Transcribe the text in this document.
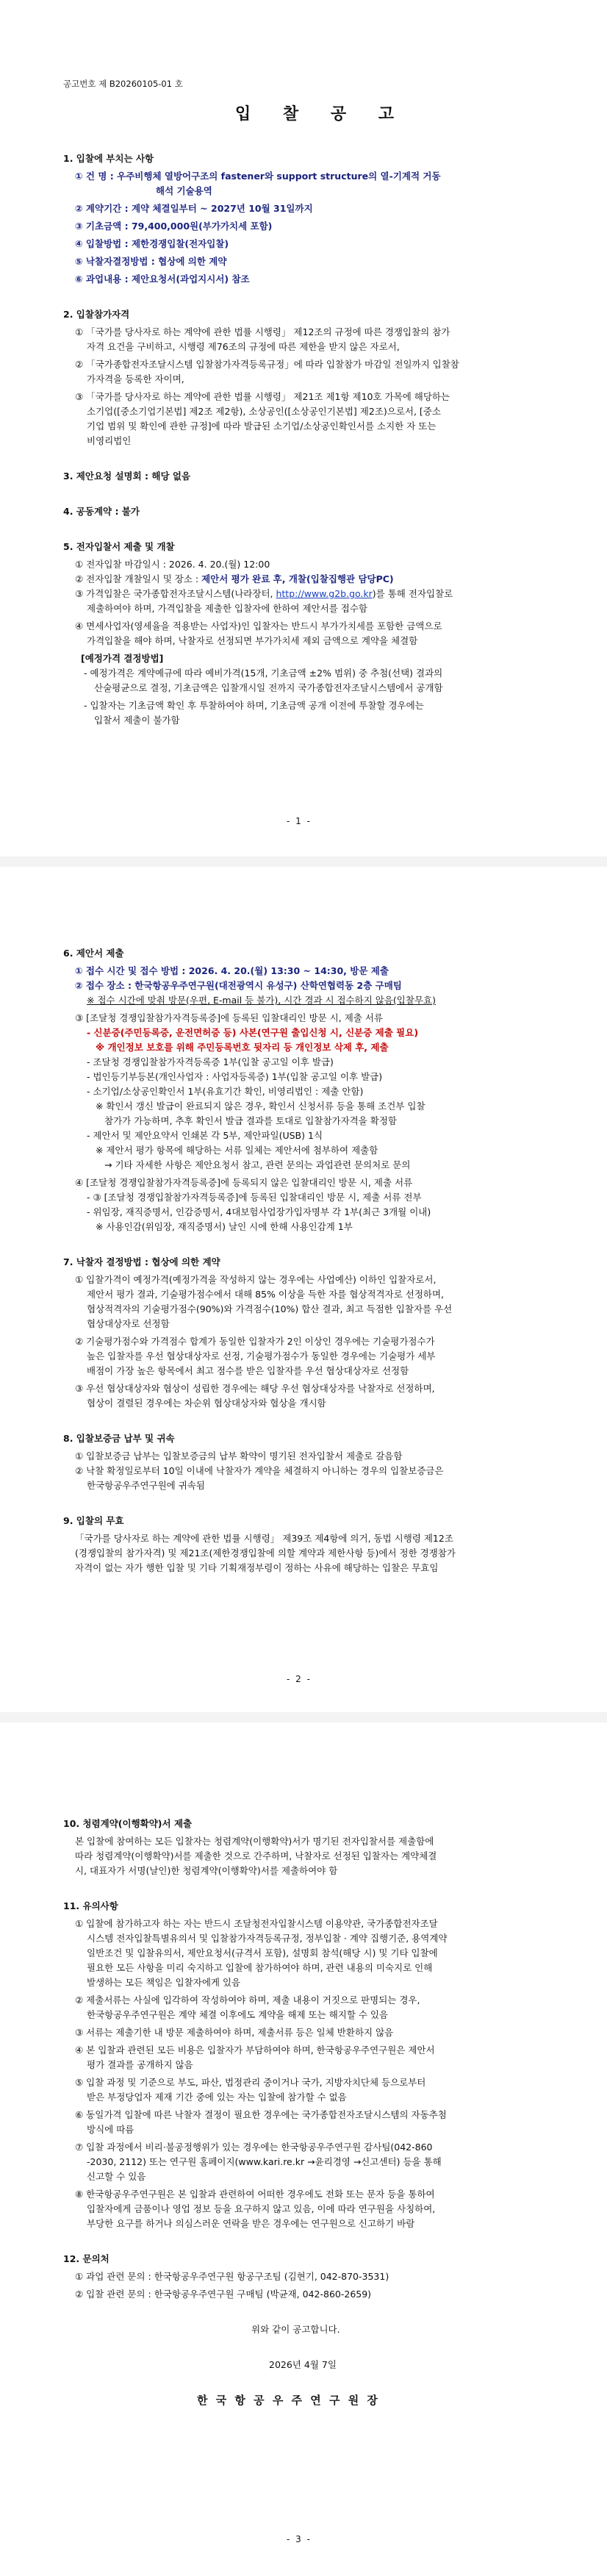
공고번호 제 B20260105-01 호
입 찰 공 고
1. 입찰에 부치는 사항
① 건 명 : 우주비행체 열방어구조의 fastener와 support structure의 열-기계적 거동
해석 기술용역
② 계약기간 : 계약 체결일부터 ~ 2027년 10월 31일까지
③ 기초금액 : 79,400,000원(부가가치세 포함)
④ 입찰방법 : 제한경쟁입찰(전자입찰)
⑤ 낙찰자결정방법 : 협상에 의한 계약
⑥ 과업내용 : 제안요청서(과업지시서) 참조
2. 입찰참가자격
① 「국가를 당사자로 하는 계약에 관한 법률 시행령」 제12조의 규정에 따른 경쟁입찰의 참가
자격 요건을 구비하고, 시행령 제76조의 규정에 따른 제한을 받지 않은 자로서,
② 「국가종합전자조달시스템 입찰참가자격등록규정」에 따라 입찰참가 마감일 전일까지 입찰참
가자격을 등록한 자이며,
③ 「국가를 당사자로 하는 계약에 관한 법률 시행령」 제21조 제1항 제10호 가목에 해당하는
소기업([중소기업기본법] 제2조 제2항), 소상공인([소상공인기본법] 제2조)으로서, [중소
기업 범위 및 확인에 관한 규정]에 따라 발급된 소기업/소상공인확인서를 소지한 자 또는
비영리법인
3. 제안요청 설명회 : 해당 없음
4. 공동계약 : 불가
5. 전자입찰서 제출 및 개찰
① 전자입찰 마감일시 : 2026. 4. 20.(월) 12:00
② 전자입찰 개찰일시 및 장소 : 제안서 평가 완료 후, 개찰(입찰집행관 담당PC)
③ 가격입찰은 국가종합전자조달시스템(나라장터, http://www.g2b.go.kr)를 통해 전자입찰로
제출하여야 하며, 가격입찰을 제출한 입찰자에 한하여 제안서를 접수함
④ 면세사업자(영세율을 적용받는 사업자)인 입찰자는 반드시 부가가치세를 포함한 금액으로
가격입찰을 해야 하며, 낙찰자로 선정되면 부가가치세 제외 금액으로 계약을 체결함
[예정가격 결정방법]
- 예정가격은 계약예규에 따라 예비가격(15개, 기초금액 ±2% 범위) 중 추첨(선택) 결과의
산술평균으로 결정, 기초금액은 입찰개시일 전까지 국가종합전자조달시스템에서 공개함
- 입찰자는 기초금액 확인 후 투찰하여야 하며, 기초금액 공개 이전에 투찰할 경우에는
입찰서 제출이 불가함
- 1 -
6. 제안서 제출
① 접수 시간 및 접수 방법 : 2026. 4. 20.(월) 13:30 ~ 14:30, 방문 제출
② 접수 장소 : 한국항공우주연구원(대전광역시 유성구) 산학연협력동 2층 구매팀
※ 접수 시간에 맞춰 방문(우편, E-mail 등 불가), 시간 경과 시 접수하지 않음(입찰무효)
③ [조달청 경쟁입찰참가자격등록증]에 등록된 입찰대리인 방문 시, 제출 서류
- 신분증(주민등록증, 운전면허증 등) 사본(연구원 출입신청 시, 신분증 제출 필요)
※ 개인정보 보호를 위해 주민등록번호 뒷자리 등 개인정보 삭제 후, 제출
- 조달청 경쟁입찰참가자격등록증 1부(입찰 공고일 이후 발급)
- 법인등기부등본(개인사업자 : 사업자등록증) 1부(입찰 공고일 이후 발급)
- 소기업/소상공인확인서 1부(유효기간 확인, 비영리법인 : 제출 안함)
※ 확인서 갱신 발급이 완료되지 않은 경우, 확인서 신청서류 등을 통해 조건부 입찰
참가가 가능하며, 추후 확인서 발급 결과를 토대로 입찰참가자격을 확정함
- 제안서 및 제안요약서 인쇄본 각 5부, 제안파일(USB) 1식
※ 제안서 평가 항목에 해당하는 서류 일체는 제안서에 첨부하여 제출함
→ 기타 자세한 사항은 제안요청서 참고, 관련 문의는 과업관련 문의처로 문의
④ [조달청 경쟁입찰참가자격등록증]에 등록되지 않은 입찰대리인 방문 시, 제출 서류
- ③ [조달청 경쟁입찰참가자격등록증]에 등록된 입찰대리인 방문 시, 제출 서류 전부
- 위임장, 재직증명서, 인감증명서, 4대보험사업장가입자명부 각 1부(최근 3개월 이내)
※ 사용인감(위임장, 재직증명서) 날인 시에 한해 사용인감계 1부
7. 낙찰자 결정방법 : 협상에 의한 계약
① 입찰가격이 예정가격(예정가격을 작성하지 않는 경우에는 사업예산) 이하인 입찰자로서,
제안서 평가 결과, 기술평가점수에서 대해 85% 이상을 득한 자를 협상적격자로 선정하며,
협상적격자의 기술평가점수(90%)와 가격점수(10%) 합산 결과, 최고 득점한 입찰자를 우선
협상대상자로 선정함
② 기술평가점수와 가격점수 합계가 동일한 입찰자가 2인 이상인 경우에는 기술평가점수가
높은 입찰자를 우선 협상대상자로 선정, 기술평가점수가 동일한 경우에는 기술평가 세부
배점이 가장 높은 항목에서 최고 점수를 받은 입찰자를 우선 협상대상자로 선정함
③ 우선 협상대상자와 협상이 성립한 경우에는 해당 우선 협상대상자를 낙찰자로 선정하며,
협상이 결렬된 경우에는 차순위 협상대상자와 협상을 개시함
8. 입찰보증금 납부 및 귀속
① 입찰보증금 납부는 입찰보증금의 납부 확약이 명기된 전자입찰서 제출로 갈음함
② 낙찰 확정일로부터 10일 이내에 낙찰자가 계약을 체결하지 아니하는 경우의 입찰보증금은
한국항공우주연구원에 귀속됨
9. 입찰의 무효
「국가를 당사자로 하는 계약에 관한 법률 시행령」 제39조 제4항에 의거, 동법 시행령 제12조
(경쟁입찰의 참가자격) 및 제21조(제한경쟁입찰에 의할 계약과 제한사항 등)에서 정한 경쟁참가
자격이 없는 자가 행한 입찰 및 기타 기획재정부령이 정하는 사유에 해당하는 입찰은 무효임
- 2 -
10. 청렴계약(이행확약)서 제출
본 입찰에 참여하는 모든 입찰자는 청렴계약(이행확약)서가 명기된 전자입찰서를 제출함에
따라 청렴계약(이행확약)서를 제출한 것으로 간주하며, 낙찰자로 선정된 입찰자는 계약체결
시, 대표자가 서명(날인)한 청렴계약(이행확약)서를 제출하여야 함
11. 유의사항
① 입찰에 참가하고자 하는 자는 반드시 조달청전자입찰시스템 이용약관, 국가종합전자조달
시스템 전자입찰특별유의서 및 입찰참가자격등록규정, 정부입찰 · 계약 집행기준, 용역계약
일반조건 및 입찰유의서, 제안요청서(규격서 포함), 설명회 참석(해당 시) 및 기타 입찰에
필요한 모든 사항을 미리 숙지하고 입찰에 참가하여야 하며, 관련 내용의 미숙지로 인해
발생하는 모든 책임은 입찰자에게 있음
② 제출서류는 사실에 입각하여 작성하여야 하며, 제출 내용이 거짓으로 판명되는 경우,
한국항공우주연구원은 계약 체결 이후에도 계약을 해제 또는 해지할 수 있음
③ 서류는 제출기한 내 방문 제출하여야 하며, 제출서류 등은 일체 반환하지 않음
④ 본 입찰과 관련된 모든 비용은 입찰자가 부담하여야 하며, 한국항공우주연구원은 제안서
평가 결과를 공개하지 않음
⑤ 입찰 과정 및 기준으로 부도, 파산, 법정관리 중이거나 국가, 지방자치단체 등으로부터
받은 부정당업자 제재 기간 중에 있는 자는 입찰에 참가할 수 없음
⑥ 동일가격 입찰에 따른 낙찰자 결정이 필요한 경우에는 국가종합전자조달시스템의 자동추첨
방식에 따름
⑦ 입찰 과정에서 비리·불공정행위가 있는 경우에는 한국항공우주연구원 감사팀(042-860
-2030, 2112) 또는 연구원 홈페이지(www.kari.re.kr →윤리경영 →신고센터) 등을 통해
신고할 수 있음
⑧ 한국항공우주연구원은 본 입찰과 관련하여 어떠한 경우에도 전화 또는 문자 등을 통하여
입찰자에게 금품이나 영업 정보 등을 요구하지 않고 있음, 이에 따라 연구원을 사칭하여,
부당한 요구를 하거나 의심스러운 연락을 받은 경우에는 연구원으로 신고하기 바람
12. 문의처
① 과업 관련 문의 : 한국항공우주연구원 항공구조팀 (김현기, 042-870-3531)
② 입찰 관련 문의 : 한국항공우주연구원 구매팀 (박균재, 042-860-2659)
위와 같이 공고합니다.
2026년 4월 7일
한 국 항 공 우 주 연 구 원 장
- 3 -
